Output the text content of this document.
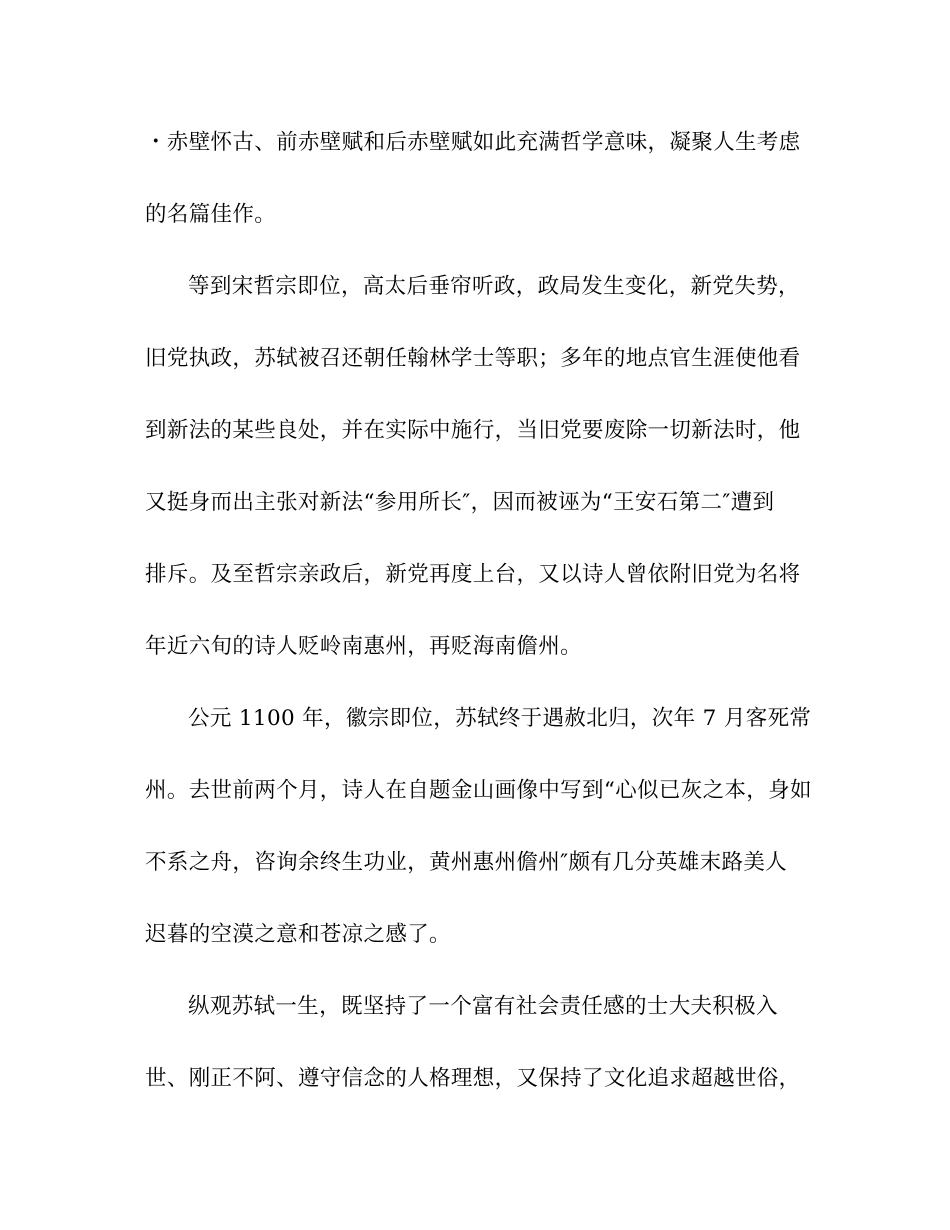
・赤壁怀古、前赤壁赋和后赤壁赋如此充满哲学意味，凝聚人生考虑
的名篇佳作。
等到宋哲宗即位，高太后垂帘听政，政局发生变化，新党失势，
旧党执政，苏轼被召还朝任翰林学士等职；多年的地点官生涯使他看
到新法的某些良处，并在实际中施行，当旧党要废除一切新法时，他
又挺身而出主张对新法“参用所长″，因而被诬为“王安石第二″遭到
排斥。及至哲宗亲政后，新党再度上台，又以诗人曾依附旧党为名将
年近六旬的诗人贬岭南惠州，再贬海南儋州。
公元 1100 年，徽宗即位，苏轼终于遇赦北归，次年 7 月客死常
州。去世前两个月，诗人在自题金山画像中写到“心似已灰之本，身如
不系之舟，咨询余终生功业，黄州惠州儋州″颇有几分英雄末路美人
迟暮的空漠之意和苍凉之感了。
纵观苏轼一生，既坚持了一个富有社会责任感的士大夫积极入
世、刚正不阿、遵守信念的人格理想，又保持了文化追求超越世俗，
